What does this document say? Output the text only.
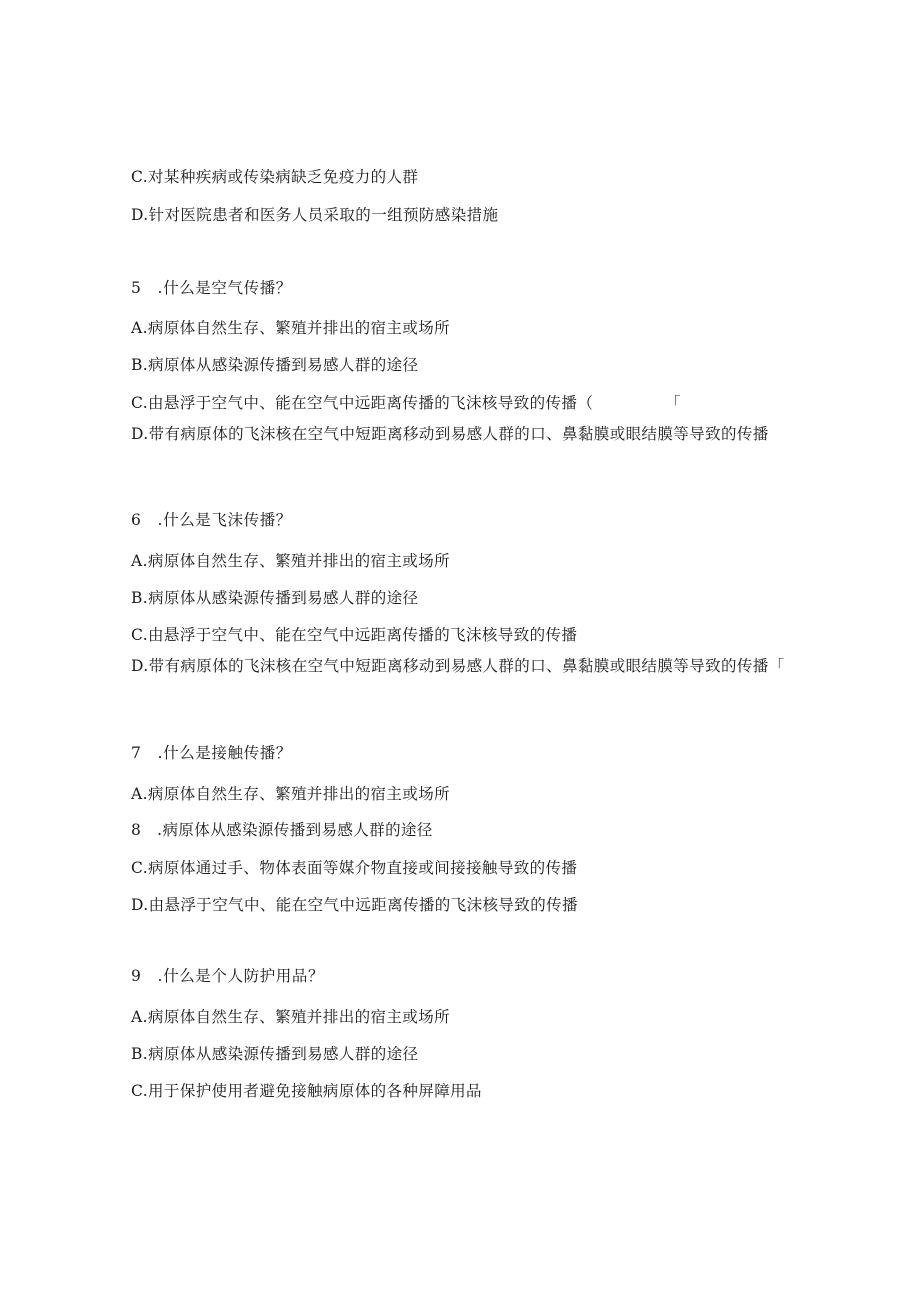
C.对某种疾病或传染病缺乏免疫力的人群
D.针对医院患者和医务人员采取的一组预防感染措施
5　.什么是空气传播？
A.病原体自然生存、繁殖并排出的宿主或场所
B.病原体从感染源传播到易感人群的途径
C.由悬浮于空气中、能在空气中远距离传播的飞沫核导致的传播（　　　　　「
D.带有病原体的飞沫核在空气中短距离移动到易感人群的口、鼻黏膜或眼结膜等导致的传播
6　.什么是飞沫传播？
A.病原体自然生存、繁殖并排出的宿主或场所
B.病原体从感染源传播到易感人群的途径
C.由悬浮于空气中、能在空气中远距离传播的飞沫核导致的传播
D.带有病原体的飞沫核在空气中短距离移动到易感人群的口、鼻黏膜或眼结膜等导致的传播「
7　.什么是接触传播？
A.病原体自然生存、繁殖并排出的宿主或场所
8　.病原体从感染源传播到易感人群的途径
C.病原体通过手、物体表面等媒介物直接或间接接触导致的传播
D.由悬浮于空气中、能在空气中远距离传播的飞沫核导致的传播
9　.什么是个人防护用品？
A.病原体自然生存、繁殖并排出的宿主或场所
B.病原体从感染源传播到易感人群的途径
C.用于保护使用者避免接触病原体的各种屏障用品
